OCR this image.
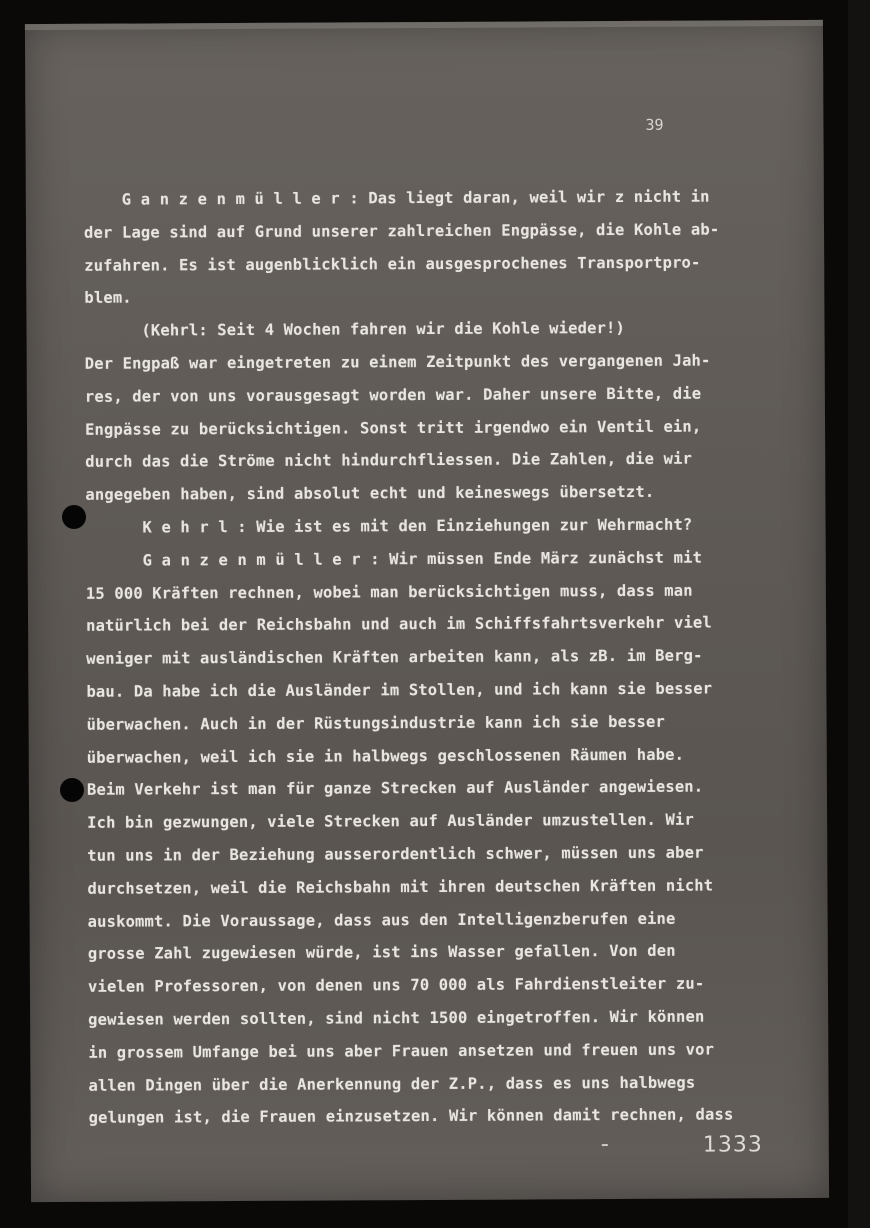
39
G a n z e n m ü l l e r : Das liegt daran, weil wir z nicht in
der Lage sind auf Grund unserer zahlreichen Engpässe, die Kohle ab-
zufahren. Es ist augenblicklich ein ausgesprochenes Transportpro-
blem.
(Kehrl: Seit 4 Wochen fahren wir die Kohle wieder!)
Der Engpaß war eingetreten zu einem Zeitpunkt des vergangenen Jah-
res, der von uns vorausgesagt worden war. Daher unsere Bitte, die
Engpässe zu berücksichtigen. Sonst tritt irgendwo ein Ventil ein,
durch das die Ströme nicht hindurchfliessen. Die Zahlen, die wir
angegeben haben, sind absolut echt und keineswegs übersetzt.
K e h r l : Wie ist es mit den Einziehungen zur Wehrmacht?
G a n z e n m ü l l e r : Wir müssen Ende März zunächst mit
15 000 Kräften rechnen, wobei man berücksichtigen muss, dass man
natürlich bei der Reichsbahn und auch im Schiffsfahrtsverkehr viel
weniger mit ausländischen Kräften arbeiten kann, als zB. im Berg-
bau. Da habe ich die Ausländer im Stollen, und ich kann sie besser
überwachen. Auch in der Rüstungsindustrie kann ich sie besser
überwachen, weil ich sie in halbwegs geschlossenen Räumen habe.
Beim Verkehr ist man für ganze Strecken auf Ausländer angewiesen.
Ich bin gezwungen, viele Strecken auf Ausländer umzustellen. Wir
tun uns in der Beziehung ausserordentlich schwer, müssen uns aber
durchsetzen, weil die Reichsbahn mit ihren deutschen Kräften nicht
auskommt. Die Voraussage, dass aus den Intelligenzberufen eine
grosse Zahl zugewiesen würde, ist ins Wasser gefallen. Von den
vielen Professoren, von denen uns 70 000 als Fahrdienstleiter zu-
gewiesen werden sollten, sind nicht 1500 eingetroffen. Wir können
in grossem Umfange bei uns aber Frauen ansetzen und freuen uns vor
allen Dingen über die Anerkennung der Z.P., dass es uns halbwegs
gelungen ist, die Frauen einzusetzen. Wir können damit rechnen, dass
1333
